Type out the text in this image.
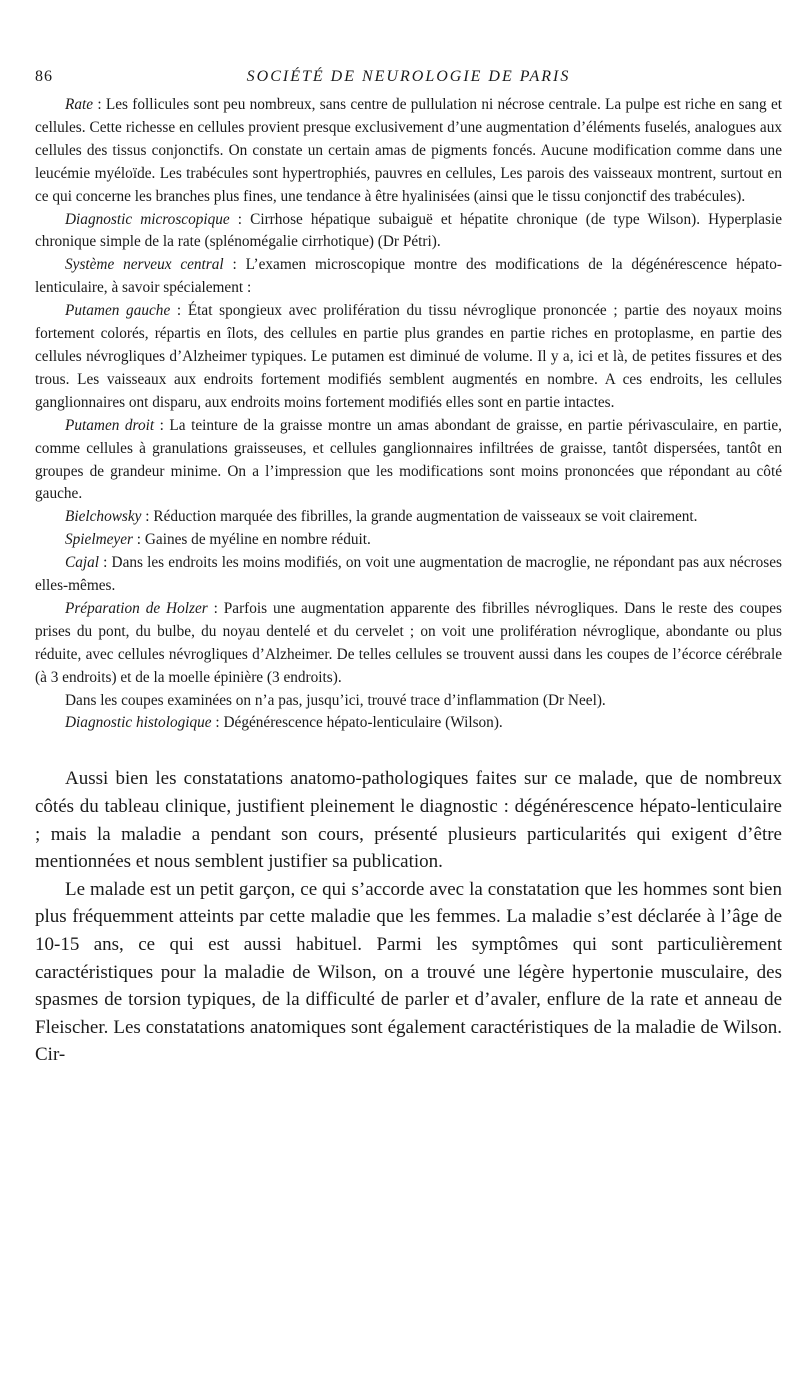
86	SOCIÉTÉ DE NEUROLOGIE DE PARIS

Rate : Les follicules sont peu nombreux, sans centre de pullulation ni nécrose centrale. La pulpe est riche en sang et cellules. Cette richesse en cellules provient presque exclusivement d’une augmentation d’éléments fuselés, analogues aux cellules des tissus conjonctifs. On constate un certain amas de pigments foncés. Aucune modification comme dans une leucémie myéloïde. Les trabécules sont hypertrophiés, pauvres en cellules, Les parois des vaisseaux montrent, surtout en ce qui concerne les branches plus fines, une tendance à être hyalinisées (ainsi que le tissu conjonctif des trabécules).

Diagnostic microscopique : Cirrhose hépatique subaiguë et hépatite chronique (de type Wilson). Hyperplasie chronique simple de la rate (splénomégalie cirrhotique) (Dr Pétri).

Système nerveux central : L’examen microscopique montre des modifications de la dégénérescence hépato-lenticulaire, à savoir spécialement :

Putamen gauche : État spongieux avec prolifération du tissu névroglique prononcée ; partie des noyaux moins fortement colorés, répartis en îlots, des cellules en partie plus grandes en partie riches en protoplasme, en partie des cellules névrogliques d’Alzheimer typiques. Le putamen est diminué de volume. Il y a, ici et là, de petites fissures et des trous. Les vaisseaux aux endroits fortement modifiés semblent augmentés en nombre. A ces endroits, les cellules ganglionnaires ont disparu, aux endroits moins fortement modifiés elles sont en partie intactes.

Putamen droit : La teinture de la graisse montre un amas abondant de graisse, en partie périvasculaire, en partie, comme cellules à granulations graisseuses, et cellules ganglionnaires infiltrées de graisse, tantôt dispersées, tantôt en groupes de grandeur minime. On a l’impression que les modifications sont moins prononcées que répondant au côté gauche.

Bielchowsky : Réduction marquée des fibrilles, la grande augmentation de vaisseaux se voit clairement.

Spielmeyer : Gaines de myéline en nombre réduit.

Cajal : Dans les endroits les moins modifiés, on voit une augmentation de macroglie, ne répondant pas aux nécroses elles-mêmes.

Préparation de Holzer : Parfois une augmentation apparente des fibrilles névrogliques. Dans le reste des coupes prises du pont, du bulbe, du noyau dentelé et du cervelet ; on voit une prolifération névroglique, abondante ou plus réduite, avec cellules névrogliques d’Alzheimer. De telles cellules se trouvent aussi dans les coupes de l’écorce cérébrale (à 3 endroits) et de la moelle épinière (3 endroits).

Dans les coupes examinées on n’a pas, jusqu’ici, trouvé trace d’inflammation (Dr Neel).

Diagnostic histologique : Dégénérescence hépato-lenticulaire (Wilson).

Aussi bien les constatations anatomo-pathologiques faites sur ce malade, que de nombreux côtés du tableau clinique, justifient pleinement le diagnostic : dégénérescence hépato-lenticulaire ; mais la maladie a pendant son cours, présenté plusieurs particularités qui exigent d’être mentionnées et nous semblent justifier sa publication.

Le malade est un petit garçon, ce qui s’accorde avec la constatation que les hommes sont bien plus fréquemment atteints par cette maladie que les femmes. La maladie s’est déclarée à l’âge de 10-15 ans, ce qui est aussi habituel. Parmi les symptômes qui sont particulièrement caractéristiques pour la maladie de Wilson, on a trouvé une légère hypertonie musculaire, des spasmes de torsion typiques, de la difficulté de parler et d’avaler, enflure de la rate et anneau de Fleischer. Les constatations anatomiques sont également caractéristiques de la maladie de Wilson. Cir-
